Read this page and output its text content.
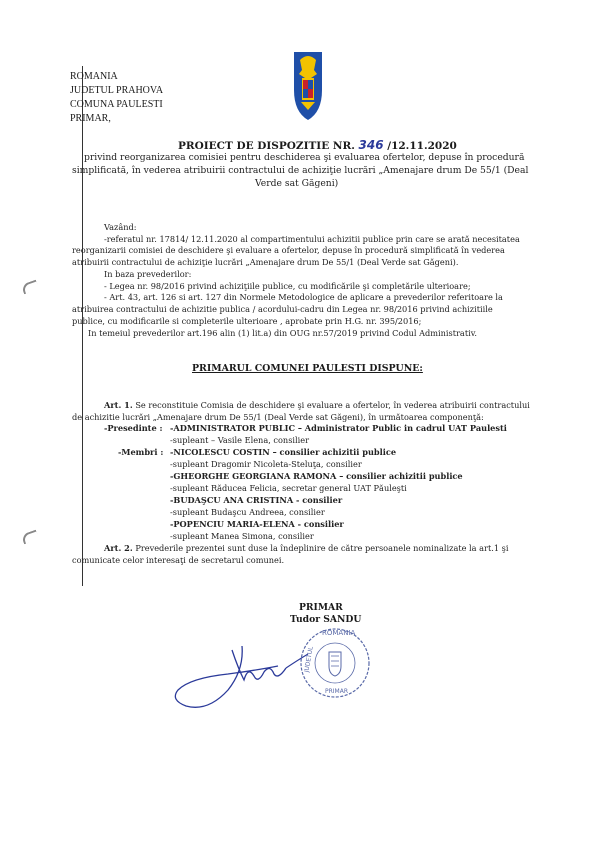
ROMANIA
JUDETUL PRAHOVA
COMUNA PAULESTI
PRIMAR,
PROIECT DE DISPOZITIE NR. 346 /12.11.2020
privind reorganizarea comisiei pentru deschiderea şi evaluarea ofertelor, depuse în procedură
simplificată, în vederea atribuirii contractului de achiziţie lucrări „Amenajare drum De 55/1 (Deal
Verde sat Găgeni)
Vazând:
-referatul nr. 17814/ 12.11.2020 al compartimentului achizitii publice prin care se arată necesitatea
reorganizarii comisiei de deschidere şi evaluare a ofertelor, depuse în procedură simplificată în vederea
atribuirii contractului de achiziţie lucrări „Amenajare drum De 55/1 (Deal Verde sat Găgeni).
In baza prevederilor:
- Legea nr. 98/2016 privind achiziţiile publice, cu modificările şi completările ulterioare;
- Art. 43, art. 126 si art. 127 din Normele Metodologice de aplicare a prevederilor referitoare la
atribuirea contractului de achizitie publica / acordului-cadru din Legea nr. 98/2016 privind achizitiile
publice, cu modificarile si completerile ulterioare , aprobate prin H.G. nr. 395/2016;
In temeiul prevederilor art.196 alin (1) lit.a) din OUG nr.57/2019 privind Codul Administrativ.
PRIMARUL COMUNEI PAULESTI DISPUNE:
Art. 1. Se reconstituie Comisia de deschidere şi evaluare a ofertelor, în vederea atribuirii contractului
de achizitie lucrări „Amenajare drum De 55/1 (Deal Verde sat Găgeni), în următoarea componenţă:
-Presedinte : -ADMINISTRATOR PUBLIC – Administrator Public in cadrul UAT Paulesti
-supleant – Vasile Elena, consilier
-Membri : -NICOLESCU COSTIN – consilier achizitii publice
-supleant Dragomir Nicoleta-Steluţa, consilier
-GHEORGHE GEORGIANA RAMONA – consilier achizitii publice
-supleant Răducea Felicia, secretar general UAT Păuleşti
-BUDAŞCU ANA CRISTINA - consilier
-supleant Budaşcu Andreea, consilier
-POPENCIU MARIA-ELENA - consilier
-supleant Manea Simona, consilier
Art. 2. Prevederile prezentei sunt duse la îndeplinire de către persoanele nominalizate la art.1 şi
comunicate celor interesaţi de secretarul comunei.
PRIMAR
Tudor SANDU
ROMANIA
JUDETUL
PRIMAR
